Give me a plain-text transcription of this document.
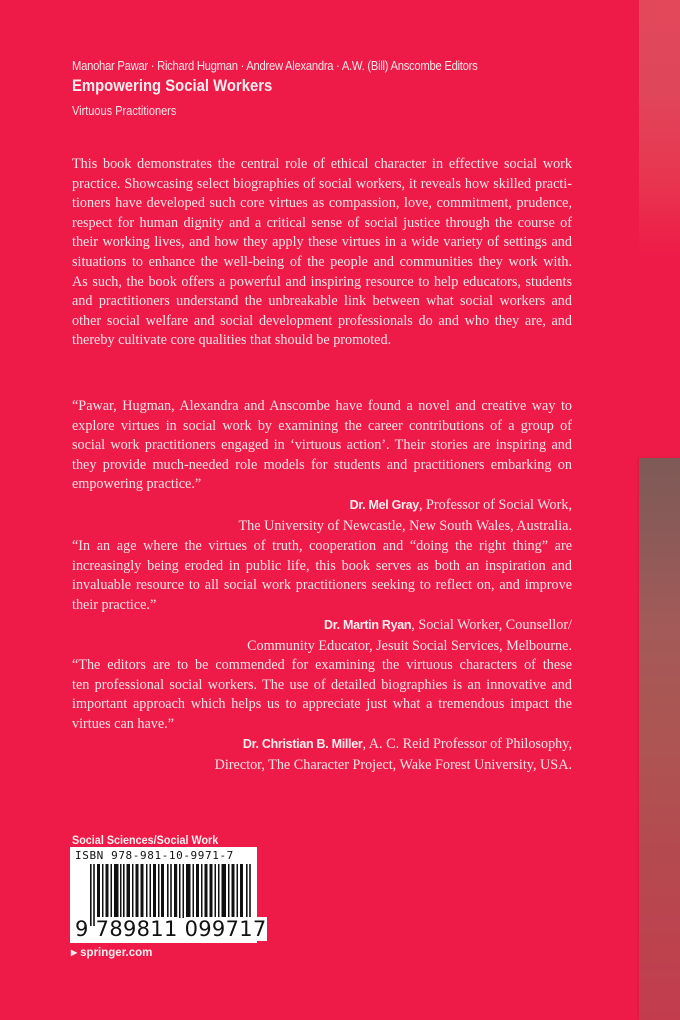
Manohar Pawar · Richard Hugman · Andrew Alexandra · A.W. (Bill) Anscombe Editors
Empowering Social Workers
Virtuous Practitioners
This book demonstrates the central role of ethical character in effective social work
practice. Showcasing select biographies of social workers, it reveals how skilled practi-
tioners have developed such core virtues as compassion, love, commitment, prudence,
respect for human dignity and a critical sense of social justice through the course of
their working lives, and how they apply these virtues in a wide variety of settings and
situations to enhance the well-being of the people and communities they work with.
As such, the book offers a powerful and inspiring resource to help educators, students
and practitioners understand the unbreakable link between what social workers and
other social welfare and social development professionals do and who they are, and
thereby cultivate core qualities that should be promoted.
“Pawar, Hugman, Alexandra and Anscombe have found a novel and creative way to
explore virtues in social work by examining the career contributions of a group of
social work practitioners engaged in ‘virtuous action’. Their stories are inspiring and
they provide much-needed role models for students and practitioners embarking on
empowering practice.”
Dr. Mel Gray, Professor of Social Work,
The University of Newcastle, New South Wales, Australia.
“In an age where the virtues of truth, cooperation and “doing the right thing” are
increasingly being eroded in public life, this book serves as both an inspiration and
invaluable resource to all social work practitioners seeking to reflect on, and improve
their practice.”
Dr. Martin Ryan, Social Worker, Counsellor/
Community Educator, Jesuit Social Services, Melbourne.
“The editors are to be commended for examining the virtuous characters of these
ten professional social workers. The use of detailed biographies is an innovative and
important approach which helps us to appreciate just what a tremendous impact the
virtues can have.”
Dr. Christian B. Miller, A. C. Reid Professor of Philosophy,
Director, The Character Project, Wake Forest University, USA.
Social Sciences/Social Work
ISBN 978-981-10-9971-7
9 789811 099717
▶ springer.com
